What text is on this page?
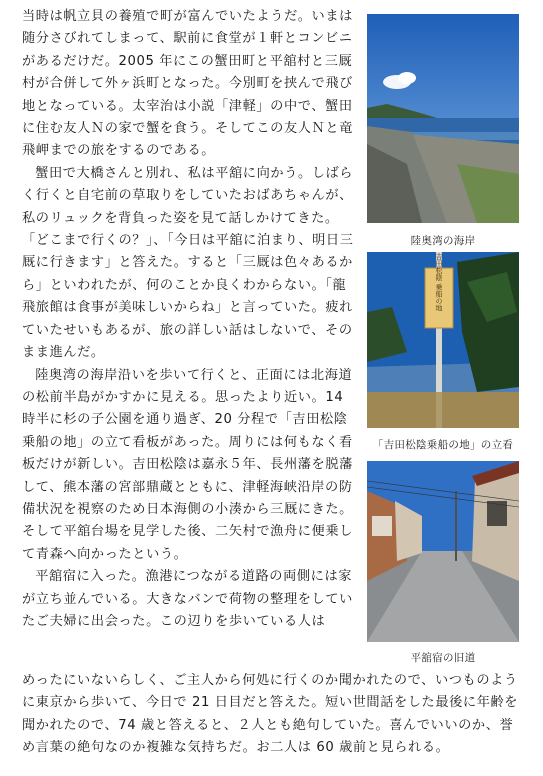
当時は帆立貝の養殖で町が富んでいたようだ。いまは随分さびれてしまって、駅前に食堂が１軒とコンビニがあるだけだ。2005 年にこの蟹田町と平舘村と三厩村が合併して外ヶ浜町となった。今別町を挟んで飛び地となっている。太宰治は小説「津軽」の中で、蟹田に住む友人Ｎの家で蟹を食う。そしてこの友人Ｎと竜飛岬までの旅をするのである。

蟹田で大橋さんと別れ、私は平舘に向かう。しばらく行くと自宅前の草取りをしていたおばあちゃんが、私のリュックを背負った姿を見て話しかけてきた。「どこまで行くの？」、「今日は平舘に泊まり、明日三厩に行きます」と答えた。すると「三厩は色々あるから」といわれたが、何のことか良くわからない。「龍飛旅館は食事が美味しいからね」と言っていた。疲れていたせいもあるが、旅の詳しい話はしないで、そのまま進んだ。

陸奥湾の海岸沿いを歩いて行くと、正面には北海道の松前半島がかすかに見える。思ったより近い。14 時半に杉の子公園を通り過ぎ、20 分程で「吉田松陰乗船の地」の立て看板があった。周りには何もなく看板だけが新しい。吉田松陰は嘉永５年、長州藩を脱藩して、熊本藩の宮部鼎蔵とともに、津軽海峡沿岸の防備状況を視察のため日本海側の小湊から三厩にきた。そして平舘台場を見学した後、二矢村で漁舟に便乗して青森へ向かったという。

平舘宿に入った。漁港につながる道路の両側には家が立ち並んでいる。大きなバンで荷物の整理をしていたご夫婦に出会った。この辺りを歩いている人は

めったにいないらしく、ご主人から何処に行くのか聞かれたので、いつものように東京から歩いて、今日で 21 日目だと答えた。短い世間話をした最後に年齢を聞かれたので、74 歳と答えると、２人とも絶句していた。喜んでいいのか、誉め言葉の絶句なのか複雑な気持ちだ。お二人は 60 歳前と見られる。

陸奥湾の海岸
吉田松陰 乗船の地
「吉田松陰乗船の地」の立看
平舘宿の旧道
